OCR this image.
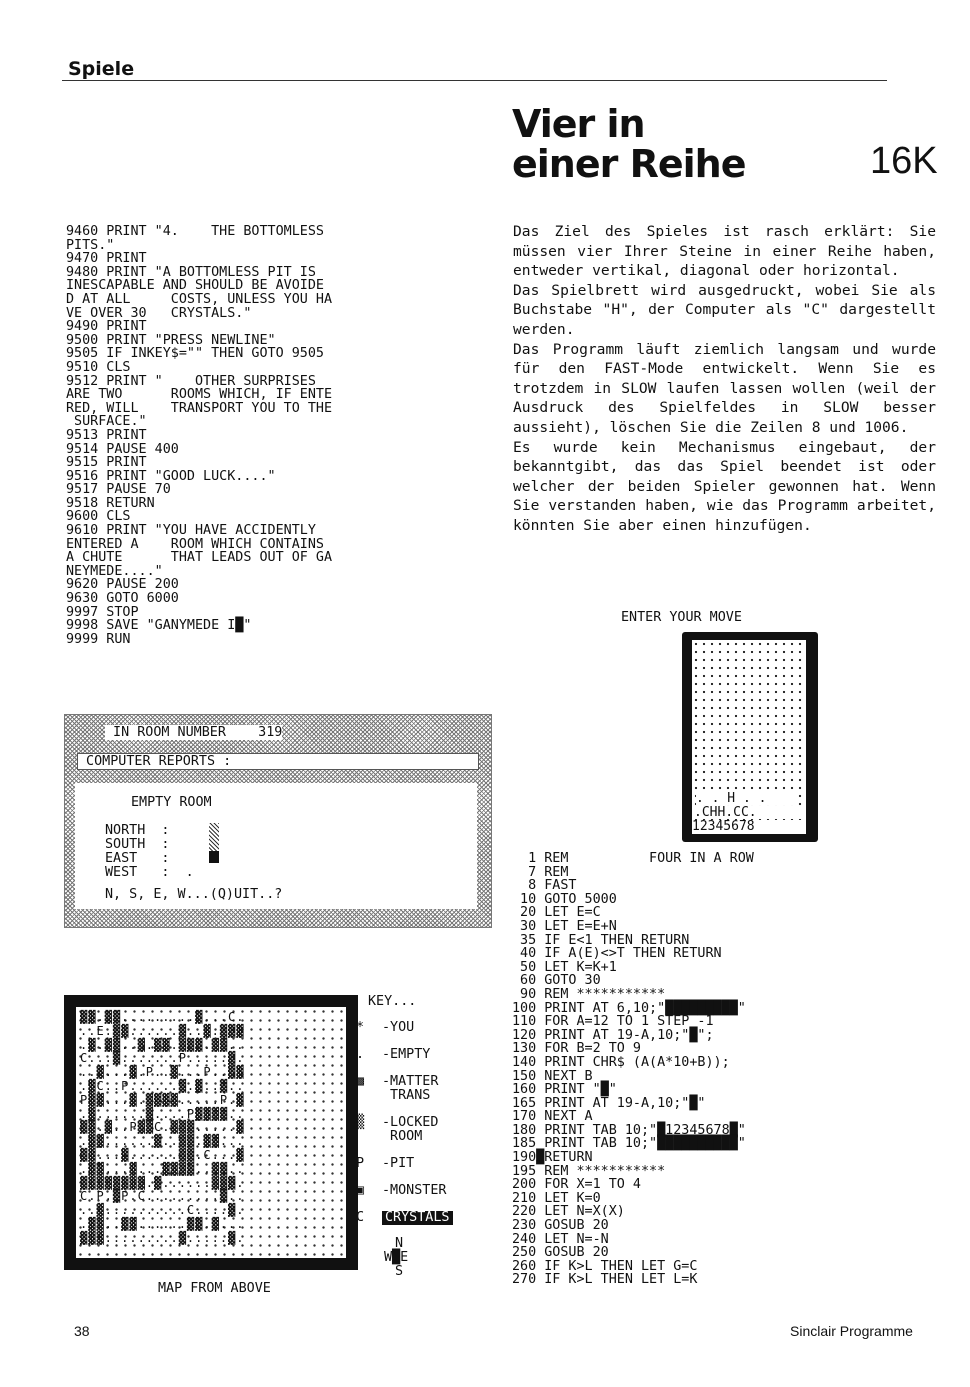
Spiele
Vier in
einer Reihe	16K
9460 PRINT "4.    THE BOTTOMLESS
PITS."
9470 PRINT
9480 PRINT "A BOTTOMLESS PIT IS
INESCAPABLE AND SHOULD BE AVOIDE
D AT ALL     COSTS, UNLESS YOU HA
VE OVER 30   CRYSTALS."
9490 PRINT
9500 PRINT "PRESS NEWLINE"
9505 IF INKEY$="" THEN GOTO 9505
9510 CLS
9512 PRINT "    OTHER SURPRISES
ARE TWO      ROOMS WHICH, IF ENTE
RED, WILL    TRANSPORT YOU TO THE
SURFACE."
9513 PRINT
9514 PAUSE 400
9515 PRINT
9516 PRINT "GOOD LUCK...."
9517 PAUSE 70
9518 RETURN
9600 CLS
9610 PRINT "YOU HAVE ACCIDENTLY
ENTERED A    ROOM WHICH CONTAINS
A CHUTE      THAT LEADS OUT OF GA
NEYMEDE...."
9620 PAUSE 200
9630 GOTO 6000
9997 STOP
9998 SAVE "GANYMEDE I█"
9999 RUN

Das Ziel des Spieles ist rasch erklärt: Sie müssen vier Ihrer Steine in einer Reihe haben, entweder vertikal, diagonal oder horizontal.

Das Spielbrett wird ausgedruckt, wobei Sie als Buchstabe "H", der Computer als "C" dargestellt werden.

Das Programm läuft ziemlich langsam und wurde für den FAST-Mode entwickelt. Wenn Sie es trotzdem in SLOW laufen lassen wollen (weil der Ausdruck des Spielfeldes in SLOW besser aussieht), löschen Sie die Zeilen 8 und 1006.

Es wurde kein Mechanismus eingebaut, der bekanntgibt, das das Spiel beendet ist oder welcher der beiden Spieler gewonnen hat. Wenn Sie verstanden haben, wie das Programm arbeitet, könnten Sie aber einen hinzufügen.

ENTER YOUR MOVE
. . H . .
.CHH.CC.
12345678
IN ROOM NUMBER    319
COMPUTER REPORTS :
EMPTY ROOM
NORTH  :
SOUTH  :
EAST   :
WEST   :  .
N, S, E, W...(Q)UIT..?
▓▓.▓▓.........▓...C.
..E.▓▓......▓..▓.▓▓▓
.▓.▓▓..▓.▓▓.▓▓▓.▓▓..
C...▓.......P.....▓.
..▓...▓.P..▓...P..▓▓
.▓C..P......▓.▓..▓..
P▓▓...▓.▓▓▓▓.....P.▓
.▓......▓....P▓▓▓▓..
▓▓.▓..P▓▓C.▓▓▓.....▓
.▓▓......▓..▓▓.▓▓...
▓▓...▓......▓▓.C...▓
.▓▓...▓...▓▓▓▓..▓▓..
▓▓▓▓▓▓▓▓.▓......▓▓▓.
C.P.▓P.C.........▓..
..▓..........C....▓.
.▓▓..▓▓......▓▓.▓...
▓▓▓.........▓.....▓.
MAP FROM ABOVE

KEY...

* -YOU
. -EMPTY
▩ -MATTER
TRANS
▒ -LOCKED
ROOM
P -PIT
▣ -MONSTER
C CRYSTALS

N

W█E

S

1 REM          FOUR IN A ROW
7 REM
8 FAST
10 GOTO 5000
20 LET E=C
30 LET E=E+N
35 IF E<1 THEN RETURN
40 IF A(E)<>T THEN RETURN
50 LET K=K+1
60 GOTO 30
90 REM ***********
100 PRINT AT 6,10;"█████████"
110 FOR A=12 TO 1 STEP -1
120 PRINT AT 19-A,10;"█";
130 FOR B=2 TO 9
140 PRINT CHR$ (A(A*10+B));
150 NEXT B
160 PRINT "█"
165 PRINT AT 19-A,10;"█"
170 NEXT A
180 PRINT TAB 10;"█12345678█"
185 PRINT TAB 10;"██████████"
190█RETURN
195 REM ***********
200 FOR X=1 TO 4
210 LET K=0
220 LET N=X(X)
230 GOSUB 20
240 LET N=-N
250 GOSUB 20
260 IF K>L THEN LET G=C
270 IF K>L THEN LET L=K
38	Sinclair Programme
